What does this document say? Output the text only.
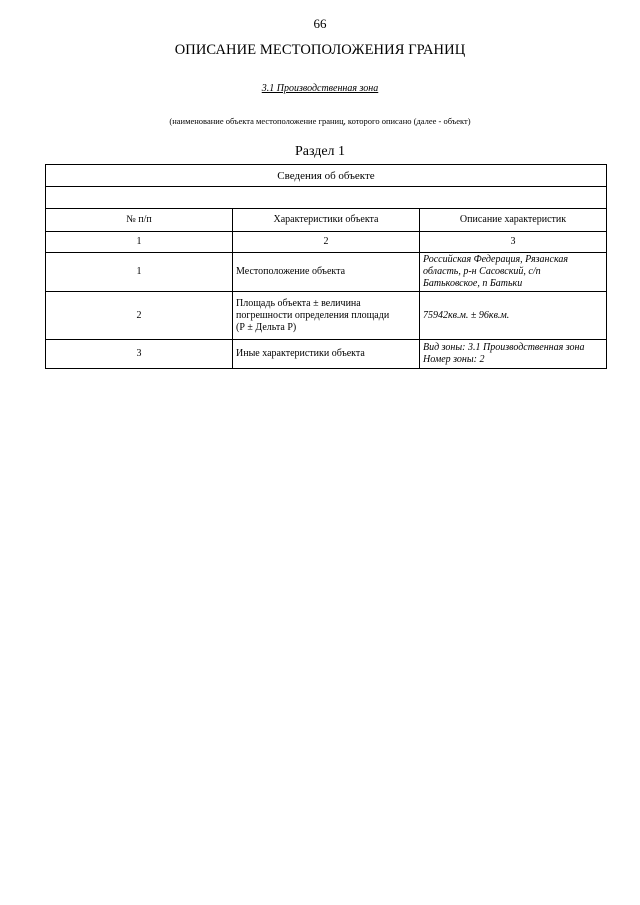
66
ОПИСАНИЕ МЕСТОПОЛОЖЕНИЯ ГРАНИЦ
3.1 Производственная зона
(наименование объекта местоположение границ, которого описано (далее - объект)
Раздел 1
Сведения об объекте		

№ п/п	Характеристики объекта	Описание характеристик
1	2	3
1	Местоположение объекта	Российская Федерация, Рязанская область, р-н Сасовский, с/п
Батьковское, п Батьки

2	Площадь объекта ± величина
погрешности определения площади
(Р ± Дельта Р)	75942кв.м. ± 96кв.м.
3	Иные характеристики объекта	Вид зоны: 3.1 Производственная зона
Номер зоны: 2
